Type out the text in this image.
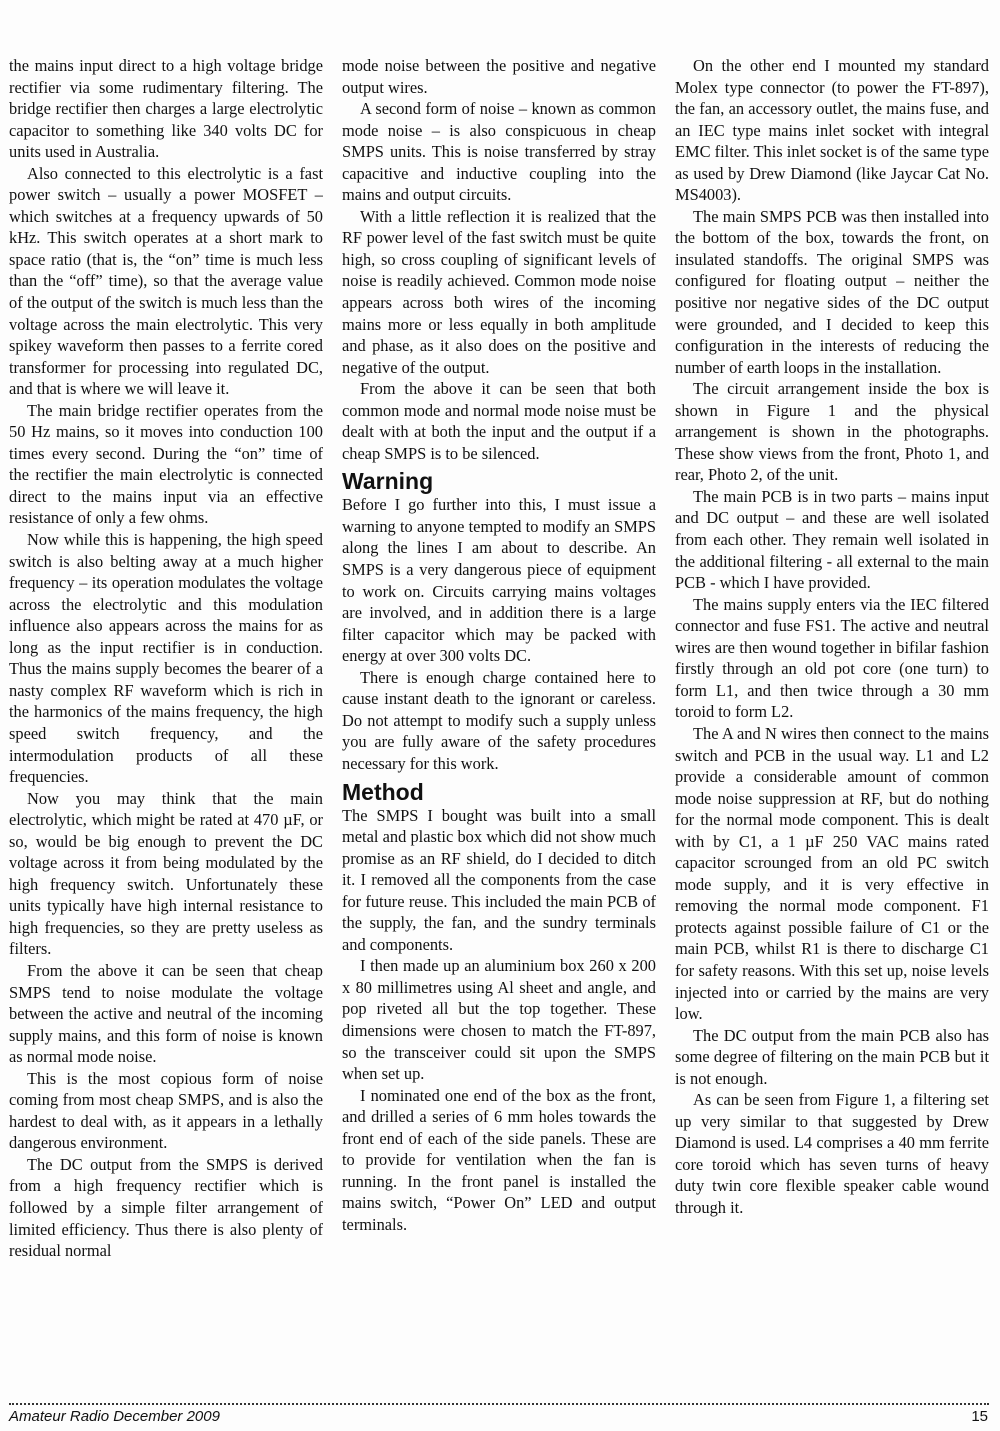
the mains input direct to a high voltage bridge rectifier via some rudimentary filtering. The bridge rectifier then charges a large electrolytic capacitor to something like 340 volts DC for units used in Australia.

Also connected to this electrolytic is a fast power switch – usually a power MOSFET – which switches at a frequency upwards of 50 kHz. This switch operates at a short mark to space ratio (that is, the “on” time is much less than the “off” time), so that the average value of the output of the switch is much less than the voltage across the main electrolytic. This very spikey waveform then passes to a ferrite cored transformer for processing into regulated DC, and that is where we will leave it.

The main bridge rectifier operates from the 50 Hz mains, so it moves into conduction 100 times every second. During the “on” time of the rectifier the main electrolytic is connected direct to the mains input via an effective resistance of only a few ohms.

Now while this is happening, the high speed switch is also belting away at a much higher frequency – its operation modulates the voltage across the electrolytic and this modulation influence also appears across the mains for as long as the input rectifier is in conduction. Thus the mains supply becomes the bearer of a nasty complex RF waveform which is rich in the harmonics of the mains frequency, the high speed switch frequency, and the intermodulation products of all these frequencies.

Now you may think that the main electrolytic, which might be rated at 470 µF, or so, would be big enough to prevent the DC voltage across it from being modulated by the high frequency switch. Unfortunately these units typically have high internal resistance to high frequencies, so they are pretty useless as filters.

From the above it can be seen that cheap SMPS tend to noise modulate the voltage between the active and neutral of the incoming supply mains, and this form of noise is known as normal mode noise.

This is the most copious form of noise coming from most cheap SMPS, and is also the hardest to deal with, as it appears in a lethally dangerous environment.

The DC output from the SMPS is derived from a high frequency rectifier which is followed by a simple filter arrangement of limited efficiency. Thus there is also plenty of residual normal

mode noise between the positive and negative output wires.

A second form of noise – known as common mode noise – is also conspicuous in cheap SMPS units. This is noise transferred by stray capacitive and inductive coupling into the mains and output circuits.

With a little reflection it is realized that the RF power level of the fast switch must be quite high, so cross coupling of significant levels of noise is readily achieved. Common mode noise appears across both wires of the incoming mains more or less equally in both amplitude and phase, as it also does on the positive and negative of the output.

From the above it can be seen that both common mode and normal mode noise must be dealt with at both the input and the output if a cheap SMPS is to be silenced.

Warning

Before I go further into this, I must issue a warning to anyone tempted to modify an SMPS along the lines I am about to describe. An SMPS is a very dangerous piece of equipment to work on. Circuits carrying mains voltages are involved, and in addition there is a large filter capacitor which may be packed with energy at over 300 volts DC.

There is enough charge contained here to cause instant death to the ignorant or careless. Do not attempt to modify such a supply unless you are fully aware of the safety procedures necessary for this work.

Method

The SMPS I bought was built into a small metal and plastic box which did not show much promise as an RF shield, do I decided to ditch it. I removed all the components from the case for future reuse. This included the main PCB of the supply, the fan, and the sundry terminals and components.

I then made up an aluminium box 260 x 200 x 80 millimetres using Al sheet and angle, and pop riveted all but the top together. These dimensions were chosen to match the FT-897, so the transceiver could sit upon the SMPS when set up.

I nominated one end of the box as the front, and drilled a series of 6 mm holes towards the front end of each of the side panels. These are to provide for ventilation when the fan is running. In the front panel is installed the mains switch, “Power On” LED and output terminals.

On the other end I mounted my standard Molex type connector (to power the FT-897), the fan, an accessory outlet, the mains fuse, and an IEC type mains inlet socket with integral EMC filter. This inlet socket is of the same type as used by Drew Diamond (like Jaycar Cat No. MS4003).

The main SMPS PCB was then installed into the bottom of the box, towards the front, on insulated standoffs. The original SMPS was configured for floating output – neither the positive nor negative sides of the DC output were grounded, and I decided to keep this configuration in the interests of reducing the number of earth loops in the installation.

The circuit arrangement inside the box is shown in Figure 1 and the physical arrangement is shown in the photographs. These show views from the front, Photo 1, and rear, Photo 2, of the unit.

The main PCB is in two parts – mains input and DC output – and these are well isolated from each other. They remain well isolated in the additional filtering - all external to the main PCB - which I have provided.

The mains supply enters via the IEC filtered connector and fuse FS1. The active and neutral wires are then wound together in bifilar fashion firstly through an old pot core (one turn) to form L1, and then twice through a 30 mm toroid to form L2.

The A and N wires then connect to the mains switch and PCB in the usual way. L1 and L2 provide a considerable amount of common mode noise suppression at RF, but do nothing for the normal mode component. This is dealt with by C1, a 1 µF 250 VAC mains rated capacitor scrounged from an old PC switch mode supply, and it is very effective in removing the normal mode component. F1 protects against possible failure of C1 or the main PCB, whilst R1 is there to discharge C1 for safety reasons. With this set up, noise levels injected into or carried by the mains are very low.

The DC output from the main PCB also has some degree of filtering on the main PCB but it is not enough.

As can be seen from Figure 1, a filtering set up very similar to that suggested by Drew Diamond is used. L4 comprises a 40 mm ferrite core toroid which has seven turns of heavy duty twin core flexible speaker cable wound through it.

Amateur Radio December 2009	15
